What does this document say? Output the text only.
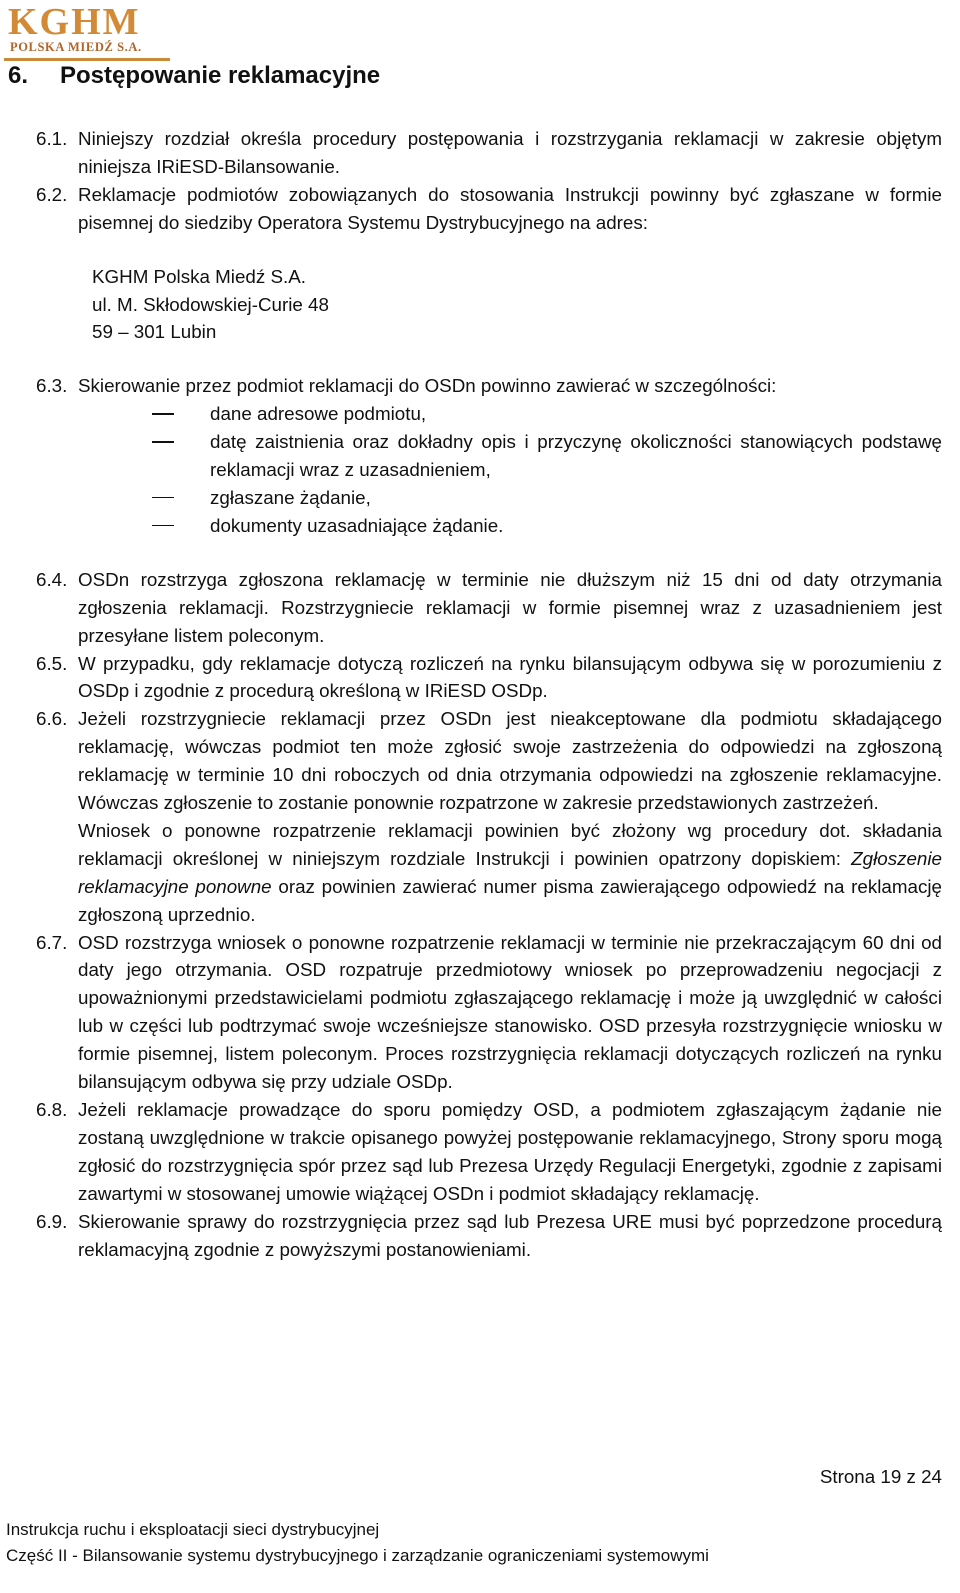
KGHM
POLSKA MIEDŹ S.A.
6. Postępowanie reklamacyjne
6.1. Niniejszy rozdział określa procedury postępowania i rozstrzygania reklamacji w zakresie objętym niniejsza IRiESD-Bilansowanie.
6.2. Reklamacje podmiotów zobowiązanych do stosowania Instrukcji powinny być zgłaszane w formie pisemnej do siedziby Operatora Systemu Dystrybucyjnego na adres:
KGHM Polska Miedź S.A.
ul. M. Skłodowskiej-Curie 48
59 – 301 Lubin
6.3. Skierowanie przez podmiot reklamacji do OSDn powinno zawierać w szczególności:
dane adresowe podmiotu,
datę zaistnienia oraz dokładny opis i przyczynę okoliczności stanowiących podstawę reklamacji wraz z uzasadnieniem,
zgłaszane żądanie,
dokumenty uzasadniające żądanie.
6.4. OSDn rozstrzyga zgłoszona reklamację w terminie nie dłuższym niż 15 dni od daty otrzymania zgłoszenia reklamacji. Rozstrzygniecie reklamacji w formie pisemnej wraz z uzasadnieniem jest przesyłane listem poleconym.
6.5. W przypadku, gdy reklamacje dotyczą rozliczeń na rynku bilansującym odbywa się w porozumieniu z OSDp i zgodnie z procedurą określoną w IRiESD OSDp.
6.6. Jeżeli rozstrzygniecie reklamacji przez OSDn jest nieakceptowane dla podmiotu składającego reklamację, wówczas podmiot ten może zgłosić swoje zastrzeżenia do odpowiedzi na zgłoszoną reklamację w terminie 10 dni roboczych od dnia otrzymania odpowiedzi na zgłoszenie reklamacyjne. Wówczas zgłoszenie to zostanie ponownie rozpatrzone w zakresie przedstawionych zastrzeżeń.
Wniosek o ponowne rozpatrzenie reklamacji powinien być złożony wg procedury dot. składania reklamacji określonej w niniejszym rozdziale Instrukcji i powinien opatrzony dopiskiem: Zgłoszenie reklamacyjne ponowne oraz powinien zawierać numer pisma zawierającego odpowiedź na reklamację zgłoszoną uprzednio.
6.7. OSD rozstrzyga wniosek o ponowne rozpatrzenie reklamacji w terminie nie przekraczającym 60 dni od daty jego otrzymania. OSD rozpatruje przedmiotowy wniosek po przeprowadzeniu negocjacji z upoważnionymi przedstawicielami podmiotu zgłaszającego reklamację i może ją uwzględnić w całości lub w części lub podtrzymać swoje wcześniejsze stanowisko. OSD przesyła rozstrzygnięcie wniosku w formie pisemnej, listem poleconym. Proces rozstrzygnięcia reklamacji dotyczących rozliczeń na rynku bilansującym odbywa się przy udziale OSDp.
6.8. Jeżeli reklamacje prowadzące do sporu pomiędzy OSD, a podmiotem zgłaszającym żądanie nie zostaną uwzględnione w trakcie opisanego powyżej postępowanie reklamacyjnego, Strony sporu mogą zgłosić do rozstrzygnięcia spór przez sąd lub Prezesa Urzędy Regulacji Energetyki, zgodnie z zapisami zawartymi w stosowanej umowie wiążącej OSDn i podmiot składający reklamację.
6.9. Skierowanie sprawy do rozstrzygnięcia przez sąd lub Prezesa URE musi być poprzedzone procedurą reklamacyjną zgodnie z powyższymi postanowieniami.
Strona 19 z 24
Instrukcja ruchu i eksploatacji sieci dystrybucyjnej
Część II - Bilansowanie systemu dystrybucyjnego i zarządzanie ograniczeniami systemowymi
